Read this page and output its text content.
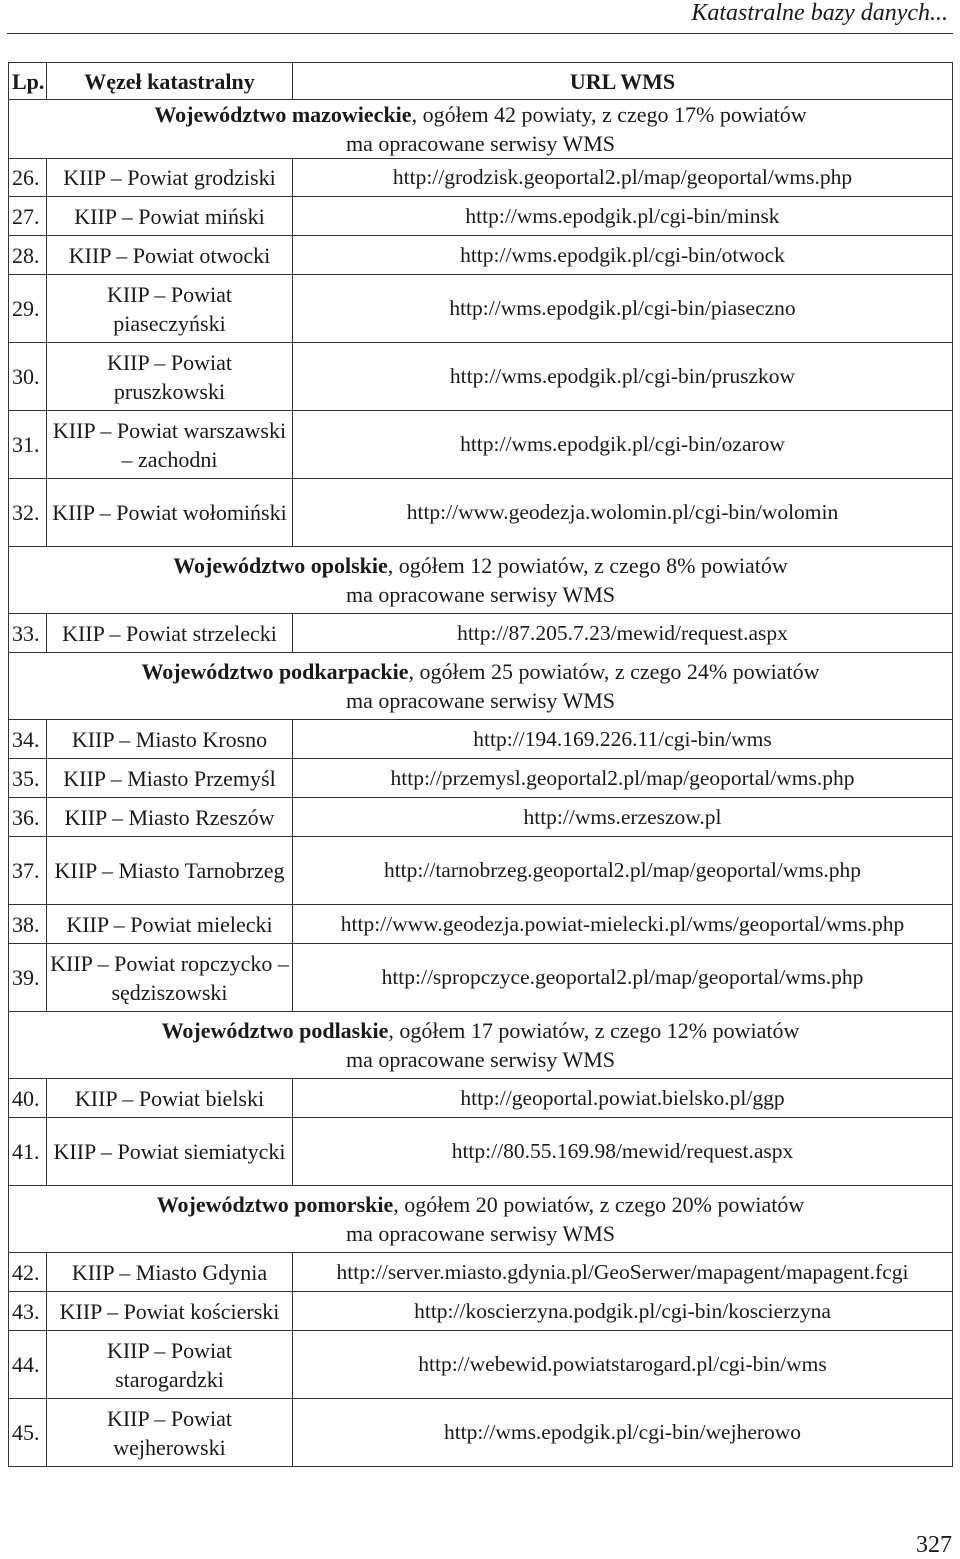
Katastralne bazy danych...
Lp.	Węzeł katastralny	URL WMS
Województwo mazowieckie, ogółem 42 powiaty, z czego 17% powiatów
ma opracowane serwisy WMS		
26.	KIIP – Powiat grodziski	http://grodzisk.geoportal2.pl/map/geoportal/wms.php
27.	KIIP – Powiat miński	http://wms.epodgik.pl/cgi-bin/minsk
28.	KIIP – Powiat otwocki	http://wms.epodgik.pl/cgi-bin/otwock
29.	KIIP – Powiat piaseczyński	http://wms.epodgik.pl/cgi-bin/piaseczno
30.	KIIP – Powiat pruszkowski	http://wms.epodgik.pl/cgi-bin/pruszkow
31.	KIIP – Powiat warszawski – zachodni	http://wms.epodgik.pl/cgi-bin/ozarow
32.	KIIP – Powiat wołomiński	http://www.geodezja.wolomin.pl/cgi-bin/wolomin
Województwo opolskie, ogółem 12 powiatów, z czego 8% powiatów
ma opracowane serwisy WMS		
33.	KIIP – Powiat strzelecki	http://87.205.7.23/mewid/request.aspx
Województwo podkarpackie, ogółem 25 powiatów, z czego 24% powiatów
ma opracowane serwisy WMS		
34.	KIIP – Miasto Krosno	http://194.169.226.11/cgi-bin/wms
35.	KIIP – Miasto Przemyśl	http://przemysl.geoportal2.pl/map/geoportal/wms.php
36.	KIIP – Miasto Rzeszów	http://wms.erzeszow.pl
37.	KIIP – Miasto Tarnobrzeg	http://tarnobrzeg.geoportal2.pl/map/geoportal/wms.php
38.	KIIP – Powiat mielecki	http://www.geodezja.powiat-mielecki.pl/wms/geoportal/wms.php
39.	KIIP – Powiat ropczycko – sędziszowski	http://spropczyce.geoportal2.pl/map/geoportal/wms.php
Województwo podlaskie, ogółem 17 powiatów, z czego 12% powiatów
ma opracowane serwisy WMS		
40.	KIIP – Powiat bielski	http://geoportal.powiat.bielsko.pl/ggp
41.	KIIP – Powiat siemiatycki	http://80.55.169.98/mewid/request.aspx
Województwo pomorskie, ogółem 20 powiatów, z czego 20% powiatów
ma opracowane serwisy WMS		
42.	KIIP – Miasto Gdynia	http://server.miasto.gdynia.pl/GeoSerwer/mapagent/mapagent.fcgi
43.	KIIP – Powiat kościerski	http://koscierzyna.podgik.pl/cgi-bin/koscierzyna
44.	KIIP – Powiat starogardzki	http://webewid.powiatstarogard.pl/cgi-bin/wms
45.	KIIP – Powiat wejherowski	http://wms.epodgik.pl/cgi-bin/wejherowo
327
